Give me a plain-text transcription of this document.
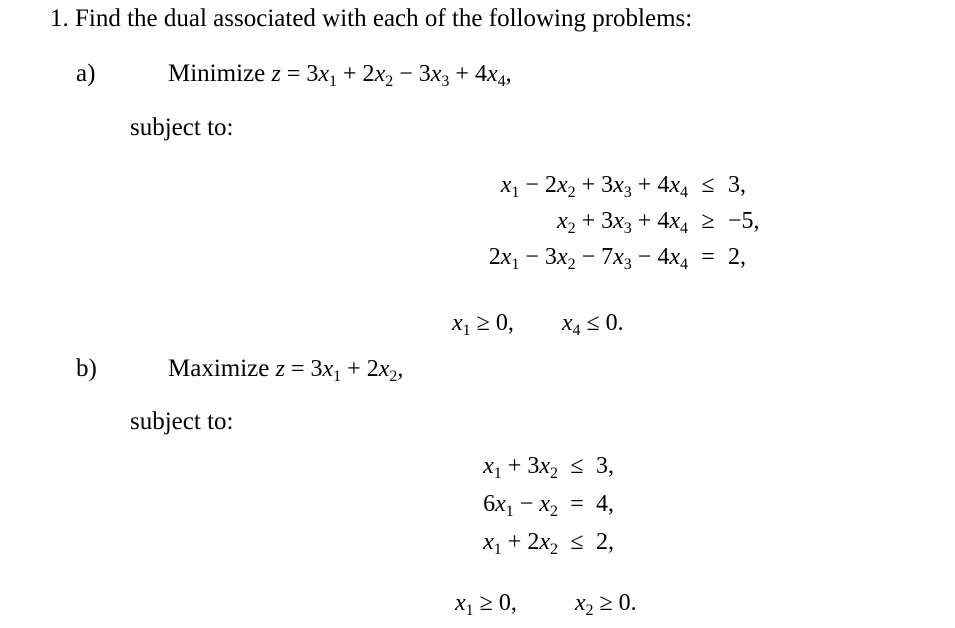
1. Find the dual associated with each of the following problems:
a)	Minimize $z = 3x_1 + 2x_2 - 3x_3 + 4x_4$,
subject to:
$x_1 - 2x_2 + 3x_3 + 4x_4 \le 3$,
$x_2 + 3x_3 + 4x_4 \ge -5$,
$2x_1 - 3x_2 - 7x_3 - 4x_4 = 2$,
$x_1 \ge 0$, $x_4 \le 0$.
b)	Maximize $z = 3x_1 + 2x_2$,
subject to:
$x_1 + 3x_2 \le 3$,
$6x_1 - x_2 = 4$,
$x_1 + 2x_2 \le 2$,
$x_1 \ge 0$, $x_2 \ge 0$.
